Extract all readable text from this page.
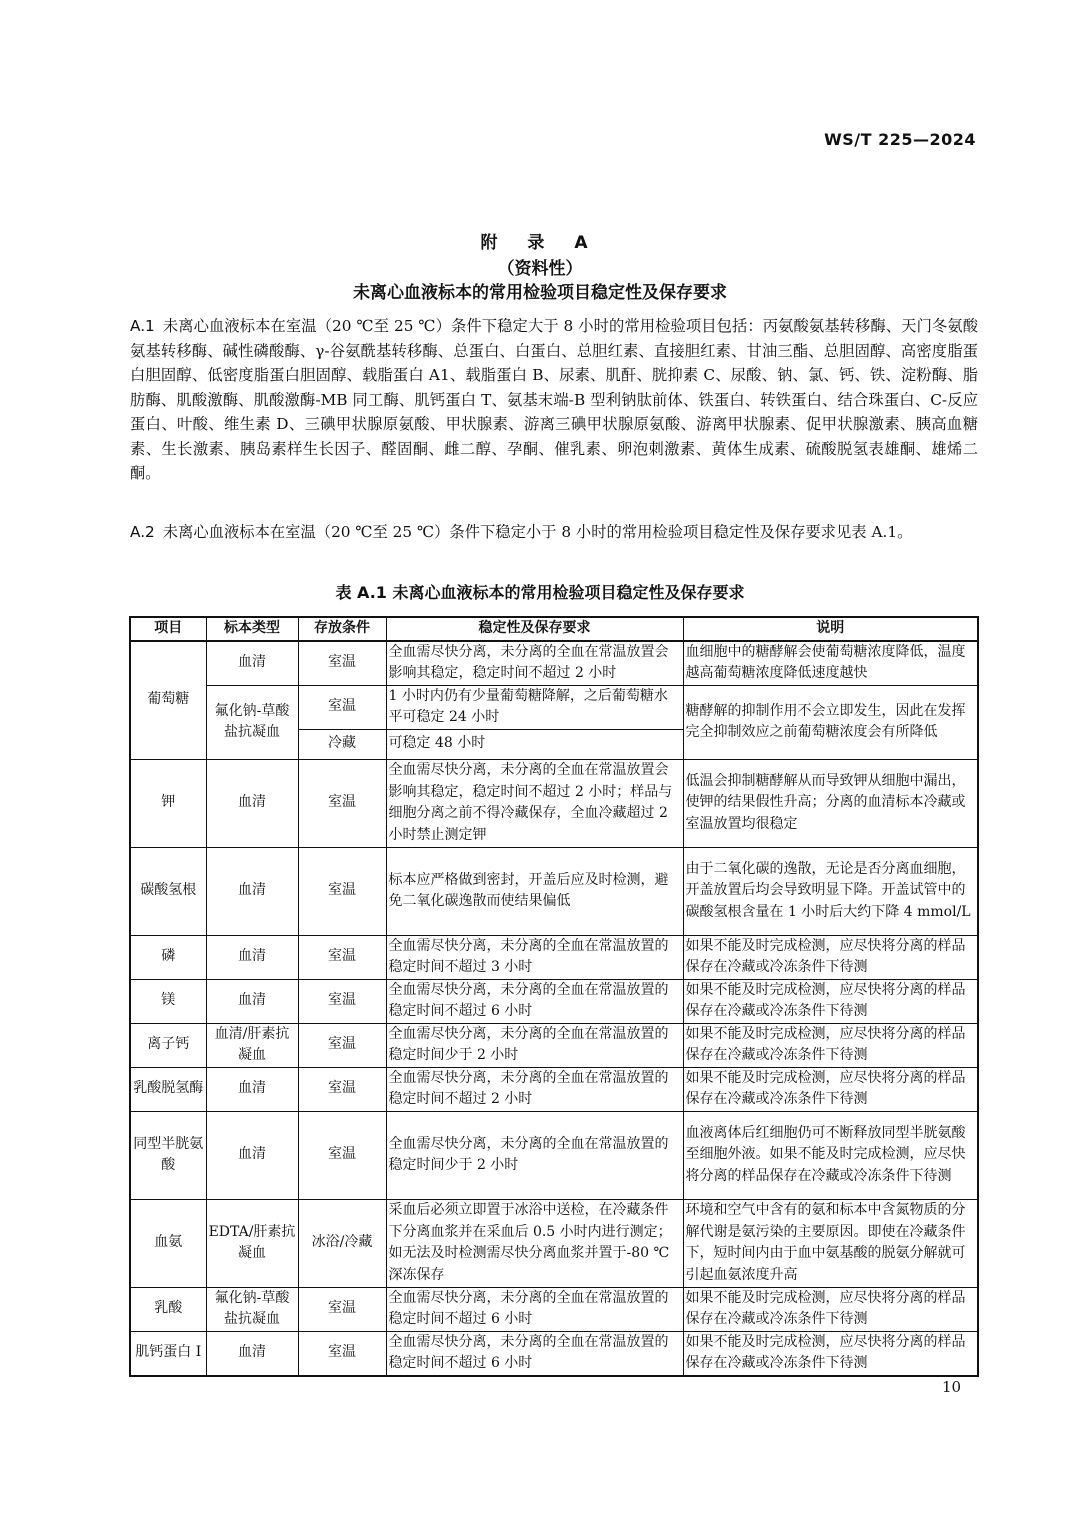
WS/T 225—2024
附 录 A
（资料性）
未离心血液标本的常用检验项目稳定性及保存要求
A.1 未离心血液标本在室温（20 ℃至 25 ℃）条件下稳定大于 8 小时的常用检验项目包括：丙氨酸氨基转移酶、天门冬氨酸氨基转移酶、碱性磷酸酶、γ-谷氨酰基转移酶、总蛋白、白蛋白、总胆红素、直接胆红素、甘油三酯、总胆固醇、高密度脂蛋白胆固醇、低密度脂蛋白胆固醇、载脂蛋白 A1、载脂蛋白 B、尿素、肌酐、胱抑素 C、尿酸、钠、氯、钙、铁、淀粉酶、脂肪酶、肌酸激酶、肌酸激酶-MB 同工酶、肌钙蛋白 T、氨基末端-B 型利钠肽前体、铁蛋白、转铁蛋白、结合珠蛋白、C-反应蛋白、叶酸、维生素 D、三碘甲状腺原氨酸、甲状腺素、游离三碘甲状腺原氨酸、游离甲状腺素、促甲状腺激素、胰高血糖素、生长激素、胰岛素样生长因子、醛固酮、雌二醇、孕酮、催乳素、卵泡刺激素、黄体生成素、硫酸脱氢表雄酮、雄烯二酮。
A.2 未离心血液标本在室温（20 ℃至 25 ℃）条件下稳定小于 8 小时的常用检验项目稳定性及保存要求见表 A.1。
表 A.1 未离心血液标本的常用检验项目稳定性及保存要求
项目	标本类型	存放条件	稳定性及保存要求	说明
葡萄糖	血清	室温	全血需尽快分离，未分离的全血在常温放置会影响其稳定，稳定时间不超过 2 小时	血细胞中的糖酵解会使葡萄糖浓度降低，温度越高葡萄糖浓度降低速度越快
	氟化钠-草酸盐抗凝血	室温	1 小时内仍有少量葡萄糖降解，之后葡萄糖水平可稳定 24 小时	糖酵解的抑制作用不会立即发生，因此在发挥完全抑制效应之前葡萄糖浓度会有所降低
		冷藏	可稳定 48 小时	
钾	血清	室温	全血需尽快分离，未分离的全血在常温放置会影响其稳定，稳定时间不超过 2 小时；样品与细胞分离之前不得冷藏保存，全血冷藏超过 2 小时禁止测定钾	低温会抑制糖酵解从而导致钾从细胞中漏出，使钾的结果假性升高；分离的血清标本冷藏或室温放置均很稳定
碳酸氢根	血清	室温	标本应严格做到密封，开盖后应及时检测，避免二氧化碳逸散而使结果偏低	由于二氧化碳的逸散，无论是否分离血细胞，开盖放置后均会导致明显下降。开盖试管中的碳酸氢根含量在 1 小时后大约下降 4 mmol/L
磷	血清	室温	全血需尽快分离，未分离的全血在常温放置的稳定时间不超过 3 小时	如果不能及时完成检测，应尽快将分离的样品保存在冷藏或冷冻条件下待测
镁	血清	室温	全血需尽快分离，未分离的全血在常温放置的稳定时间不超过 6 小时	如果不能及时完成检测，应尽快将分离的样品保存在冷藏或冷冻条件下待测
离子钙	血清/肝素抗凝血	室温	全血需尽快分离，未分离的全血在常温放置的稳定时间少于 2 小时	如果不能及时完成检测，应尽快将分离的样品保存在冷藏或冷冻条件下待测
乳酸脱氢酶	血清	室温	全血需尽快分离，未分离的全血在常温放置的稳定时间不超过 2 小时	如果不能及时完成检测，应尽快将分离的样品保存在冷藏或冷冻条件下待测
同型半胱氨酸	血清	室温	全血需尽快分离，未分离的全血在常温放置的稳定时间少于 2 小时	血液离体后红细胞仍可不断释放同型半胱氨酸至细胞外液。如果不能及时完成检测，应尽快将分离的样品保存在冷藏或冷冻条件下待测
血氨	EDTA/肝素抗凝血	冰浴/冷藏	采血后必须立即置于冰浴中送检，在冷藏条件下分离血浆并在采血后 0.5 小时内进行测定；如无法及时检测需尽快分离血浆并置于-80 ℃深冻保存	环境和空气中含有的氨和标本中含氮物质的分解代谢是氨污染的主要原因。即使在冷藏条件下，短时间内由于血中氨基酸的脱氨分解就可引起血氨浓度升高
乳酸	氟化钠-草酸盐抗凝血	室温	全血需尽快分离，未分离的全血在常温放置的稳定时间不超过 6 小时	如果不能及时完成检测，应尽快将分离的样品保存在冷藏或冷冻条件下待测
肌钙蛋白 I	血清	室温	全血需尽快分离，未分离的全血在常温放置的稳定时间不超过 6 小时	如果不能及时完成检测，应尽快将分离的样品保存在冷藏或冷冻条件下待测
10
